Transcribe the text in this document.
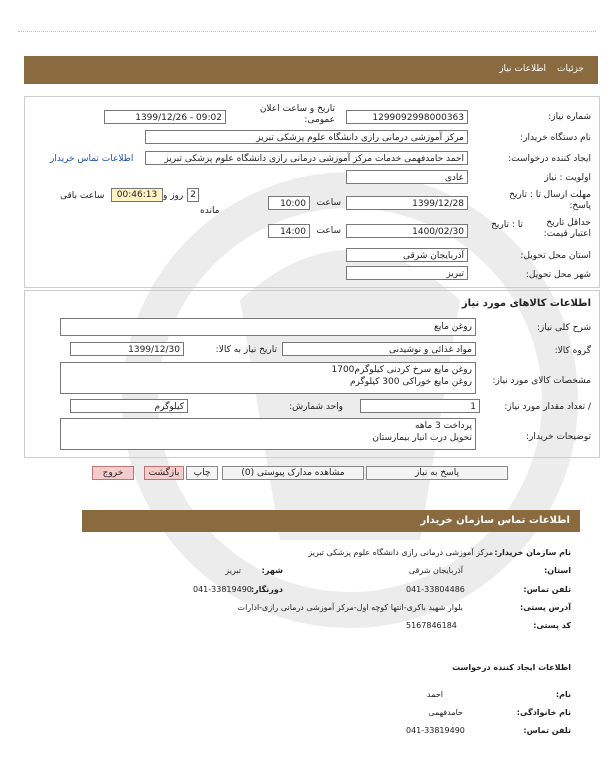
جزئیات
اطلاعات نیاز
شماره نیاز:
1299092998000363
تاریخ و ساعت اعلان عمومی:
1399/12/26 - 09:02
نام دستگاه خریدار:
مرکز آموزشی درمانی رازی دانشگاه علوم پزشکی تبریز
ایجاد کننده درخواست:
احمد حامدفهمی خدمات مرکز آموزشی درمانی رازی دانشگاه علوم پزشکی تبریز
اطلاعات تماس خریدار
اولویت : نیاز
عادی
مهلت ارسال پاسخ:
تا : تاریخ
1399/12/28
ساعت
10:00
2
روز و
00:46:13
ساعت باقی
مانده
حداقل تاریخ اعتبار قیمت:
تا : تاریخ
1400/02/30
ساعت
14:00
استان محل تحویل:
آذربایجان شرقی
شهر محل تحویل:
تبریز
اطلاعات کالاهای مورد نیاز
شرح کلی نیاز:
روغن مایع
گروه کالا:
مواد غذائی و نوشیدنی
تاریخ نیاز به کالا:
1399/12/30
مشخصات کالای مورد نیاز:
روغن مایع سرخ کردنی کیلوگرم1700
روغن مایع خوراکی 300 کیلوگرم
/ تعداد مقدار مورد نیاز:
1
واحد شمارش:
کیلوگرم
توضیحات خریدار:
پرداخت 3 ماهه
تحویل درب انبار بیمارستان
پاسخ به نیاز
مشاهده مدارک پیوستی (0)
چاپ
بازگشت
خروج
اطلاعات تماس سازمان خریدار
نام سازمان خریدار:
مرکز آموزشی درمانی رازی دانشگاه علوم پزشکی تبریز
استان:
آذربایجان شرقی
شهر:
تبریز
تلفن تماس:
041-33804486
دورنگار:
041-33819490
آدرس پستی:
بلوار شهید باکری-انتها کوچه اول-مرکز آموزشی درمانی رازی-ادارات
کد پستی:
5167846184
اطلاعات ایجاد کننده درخواست
نام:
احمد
نام خانوادگی:
حامدفهمی
تلفن تماس:
041-33819490
